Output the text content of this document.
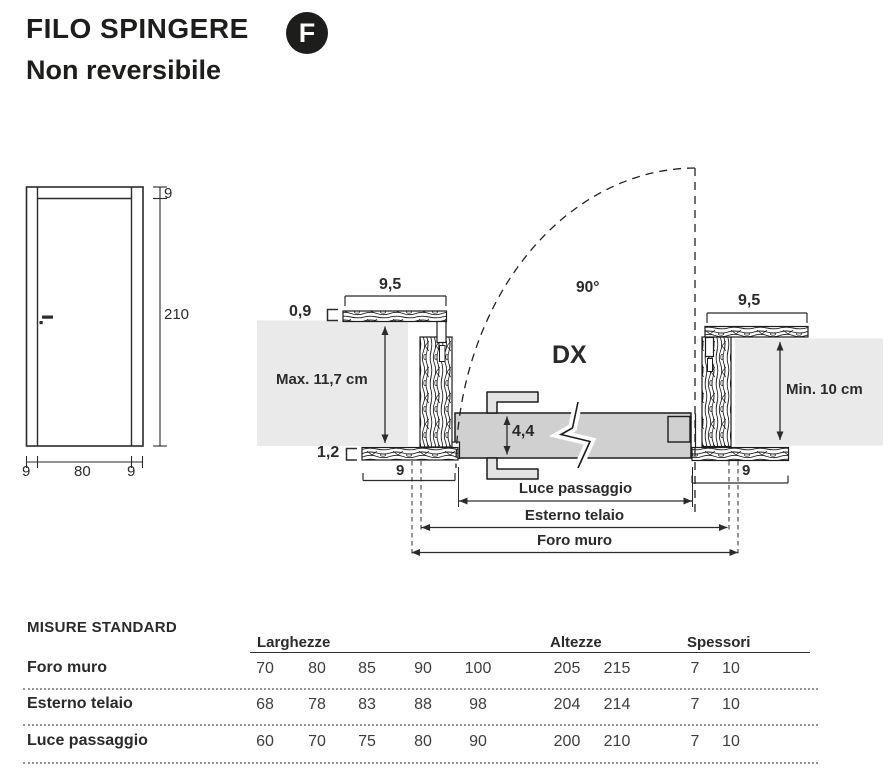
FILO SPINGERE	F
Non reversibile
9
210
9	80 9
9,5
0,9
Max. 11,7 cm
1,2
9
90°
DX
4,4
9,5
Min. 10 cm
9
Luce passaggio
Esterno telaio
Foro muro
MISURE STANDARD
Larghezze	Altezze	Spessori
Foro muro	70	80	85	90	100	205	215	7	10
Esterno telaio	68	78	83	88	98	204	214	7	10
Luce passaggio	60	70	75	80	90	200	210	7	10
